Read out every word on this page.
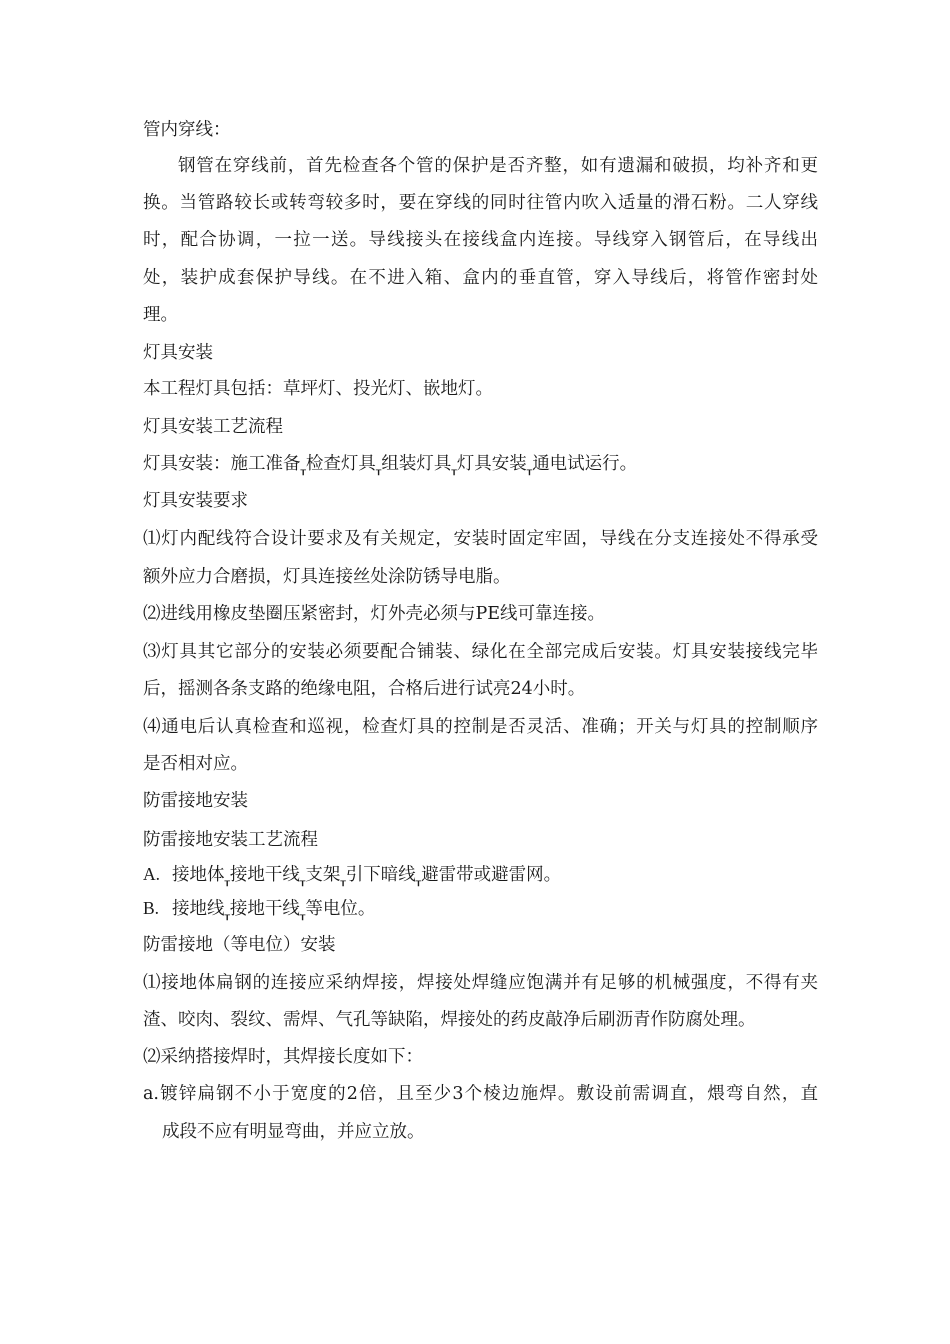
管内穿线：
钢管在穿线前，首先检查各个管的保护是否齐整，如有遗漏和破损，均补齐和更
换。当管路较长或转弯较多时，要在穿线的同时往管内吹入适量的滑石粉。二人穿线
时，配合协调，一拉一送。导线接头在接线盒内连接。导线穿入钢管后，在导线出
处，装护成套保护导线。在不进入箱、盒内的垂直管，穿入导线后，将管作密封处
理。
灯具安装
本工程灯具包括：草坪灯、投光灯、嵌地灯。
灯具安装工艺流程
灯具安装：施工准备$_┰$检查灯具$_┰$组装灯具$_┰$灯具安装$_┰$通电试运行。
灯具安装要求
⑴灯内配线符合设计要求及有关规定，安装时固定牢固，导线在分支连接处不得承受
额外应力合磨损，灯具连接丝处涂防锈导电脂。
⑵进线用橡皮垫圈压紧密封，灯外壳必须与PE线可靠连接。
⑶灯具其它部分的安装必须要配合铺装、绿化在全部完成后安装。灯具安装接线完毕
后，摇测各条支路的绝缘电阻，合格后进行试亮24小时。
⑷通电后认真检查和巡视，检查灯具的控制是否灵活、准确；开关与灯具的控制顺序
是否相对应。
防雷接地安装
防雷接地安装工艺流程
A. 接地体$_┰$接地干线$_┰$支架$_┰$引下暗线$_┰$避雷带或避雷网。
B. 接地线$_┰$接地干线$_┰$等电位。
防雷接地（等电位）安装
⑴接地体扁钢的连接应采纳焊接，焊接处焊缝应饱满并有足够的机械强度，不得有夹
渣、咬肉、裂纹、需焊、气孔等缺陷，焊接处的药皮敲净后刷沥青作防腐处理。
⑵采纳搭接焊时，其焊接长度如下：
a.镀锌扁钢不小于宽度的2倍，且至少3个棱边施焊。敷设前需调直，煨弯自然，直
成段不应有明显弯曲，并应立放。
